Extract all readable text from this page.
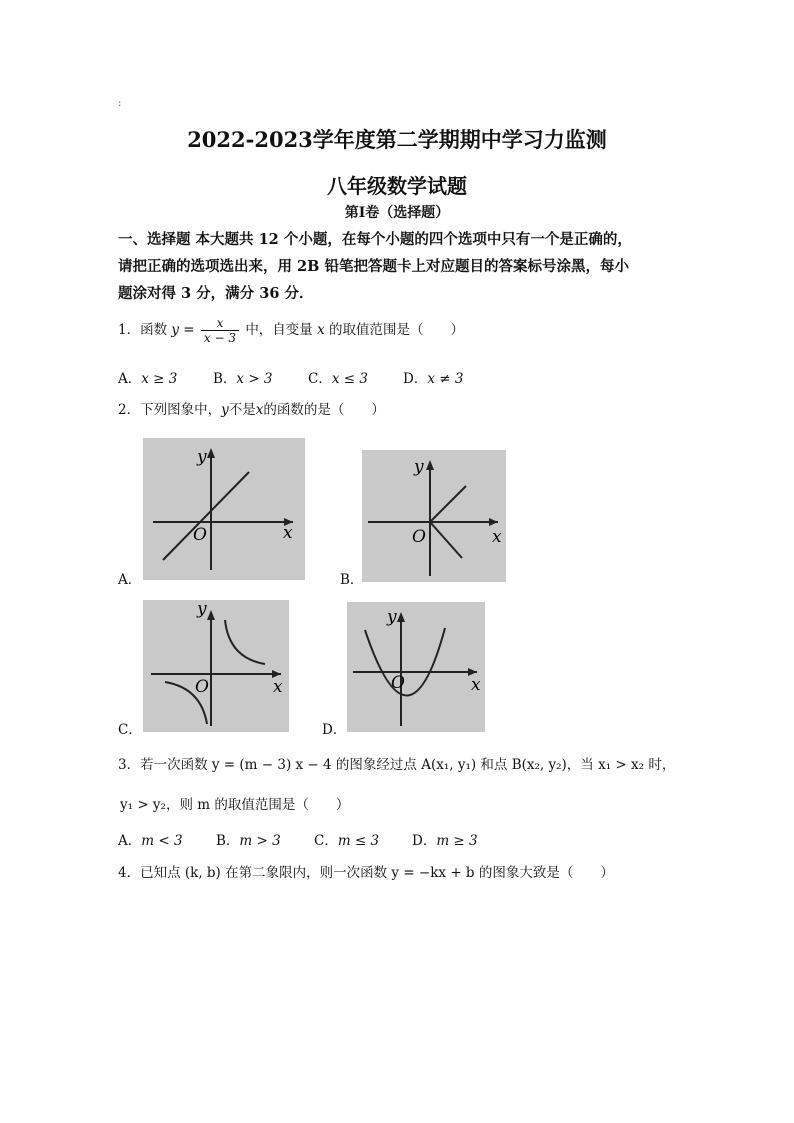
:
2022-2023学年度第二学期期中学习力监测
八年级数学试题
第Ⅰ卷（选择题）
一、选择题 本大题共 12 个小题，在每个小题的四个选项中只有一个是正确的，
请把正确的选项选出来，用 2B 铅笔把答题卡上对应题目的答案标号涂黑，每小
题涂对得 3 分，满分 36 分．
1．函数 $y = \frac{x}{x - 3}$ 中，自变量 x 的取值范围是（　　）
A．x ≥ 3	B．x > 3	C．x ≤ 3	D．x ≠ 3
2．下列图象中，y不是x的函数的是（　　）
A．
y
x
O
B．
y
x
O
C．
y
x
O
D．
y
x
O
3．若一次函数 y = (m − 3) x − 4 的图象经过点 A(x₁, y₁) 和点 B(x₂, y₂)，当 x₁ > x₂ 时，
y₁ > y₂，则 m 的取值范围是（　　）
A．m < 3 B．m > 3 C．m ≤ 3 D．m ≥ 3
4．已知点 (k, b) 在第二象限内，则一次函数 y = −kx + b 的图象大致是（　　）
